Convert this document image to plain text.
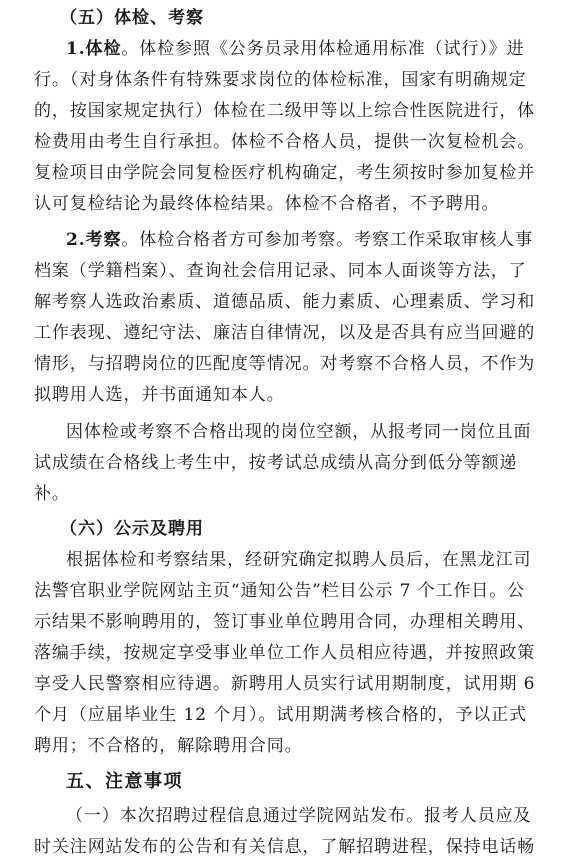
（五）体检、考察
1.体检。体检参照《公务员录用体检通用标准（试行）》进
行。（对身体条件有特殊要求岗位的体检标准，国家有明确规定
的，按国家规定执行）体检在二级甲等以上综合性医院进行，体
检费用由考生自行承担。体检不合格人员，提供一次复检机会。
复检项目由学院会同复检医疗机构确定，考生须按时参加复检并
认可复检结论为最终体检结果。体检不合格者，不予聘用。
2.考察。体检合格者方可参加考察。考察工作采取审核人事
档案（学籍档案）、查询社会信用记录、同本人面谈等方法，了
解考察人选政治素质、道德品质、能力素质、心理素质、学习和
工作表现、遵纪守法、廉洁自律情况，以及是否具有应当回避的
情形，与招聘岗位的匹配度等情况。对考察不合格人员，不作为
拟聘用人选，并书面通知本人。
因体检或考察不合格出现的岗位空额，从报考同一岗位且面
试成绩在合格线上考生中，按考试总成绩从高分到低分等额递
补。
（六）公示及聘用
根据体检和考察结果，经研究确定拟聘人员后，在黑龙江司
法警官职业学院网站主页“通知公告”栏目公示 7 个工作日。公
示结果不影响聘用的，签订事业单位聘用合同，办理相关聘用、
落编手续，按规定享受事业单位工作人员相应待遇，并按照政策
享受人民警察相应待遇。新聘用人员实行试用期制度，试用期 6
个月（应届毕业生 12 个月）。试用期满考核合格的，予以正式
聘用；不合格的，解除聘用合同。
五、注意事项
（一）本次招聘过程信息通过学院网站发布。报考人员应及
时关注网站发布的公告和有关信息，了解招聘进程，保持电话畅
